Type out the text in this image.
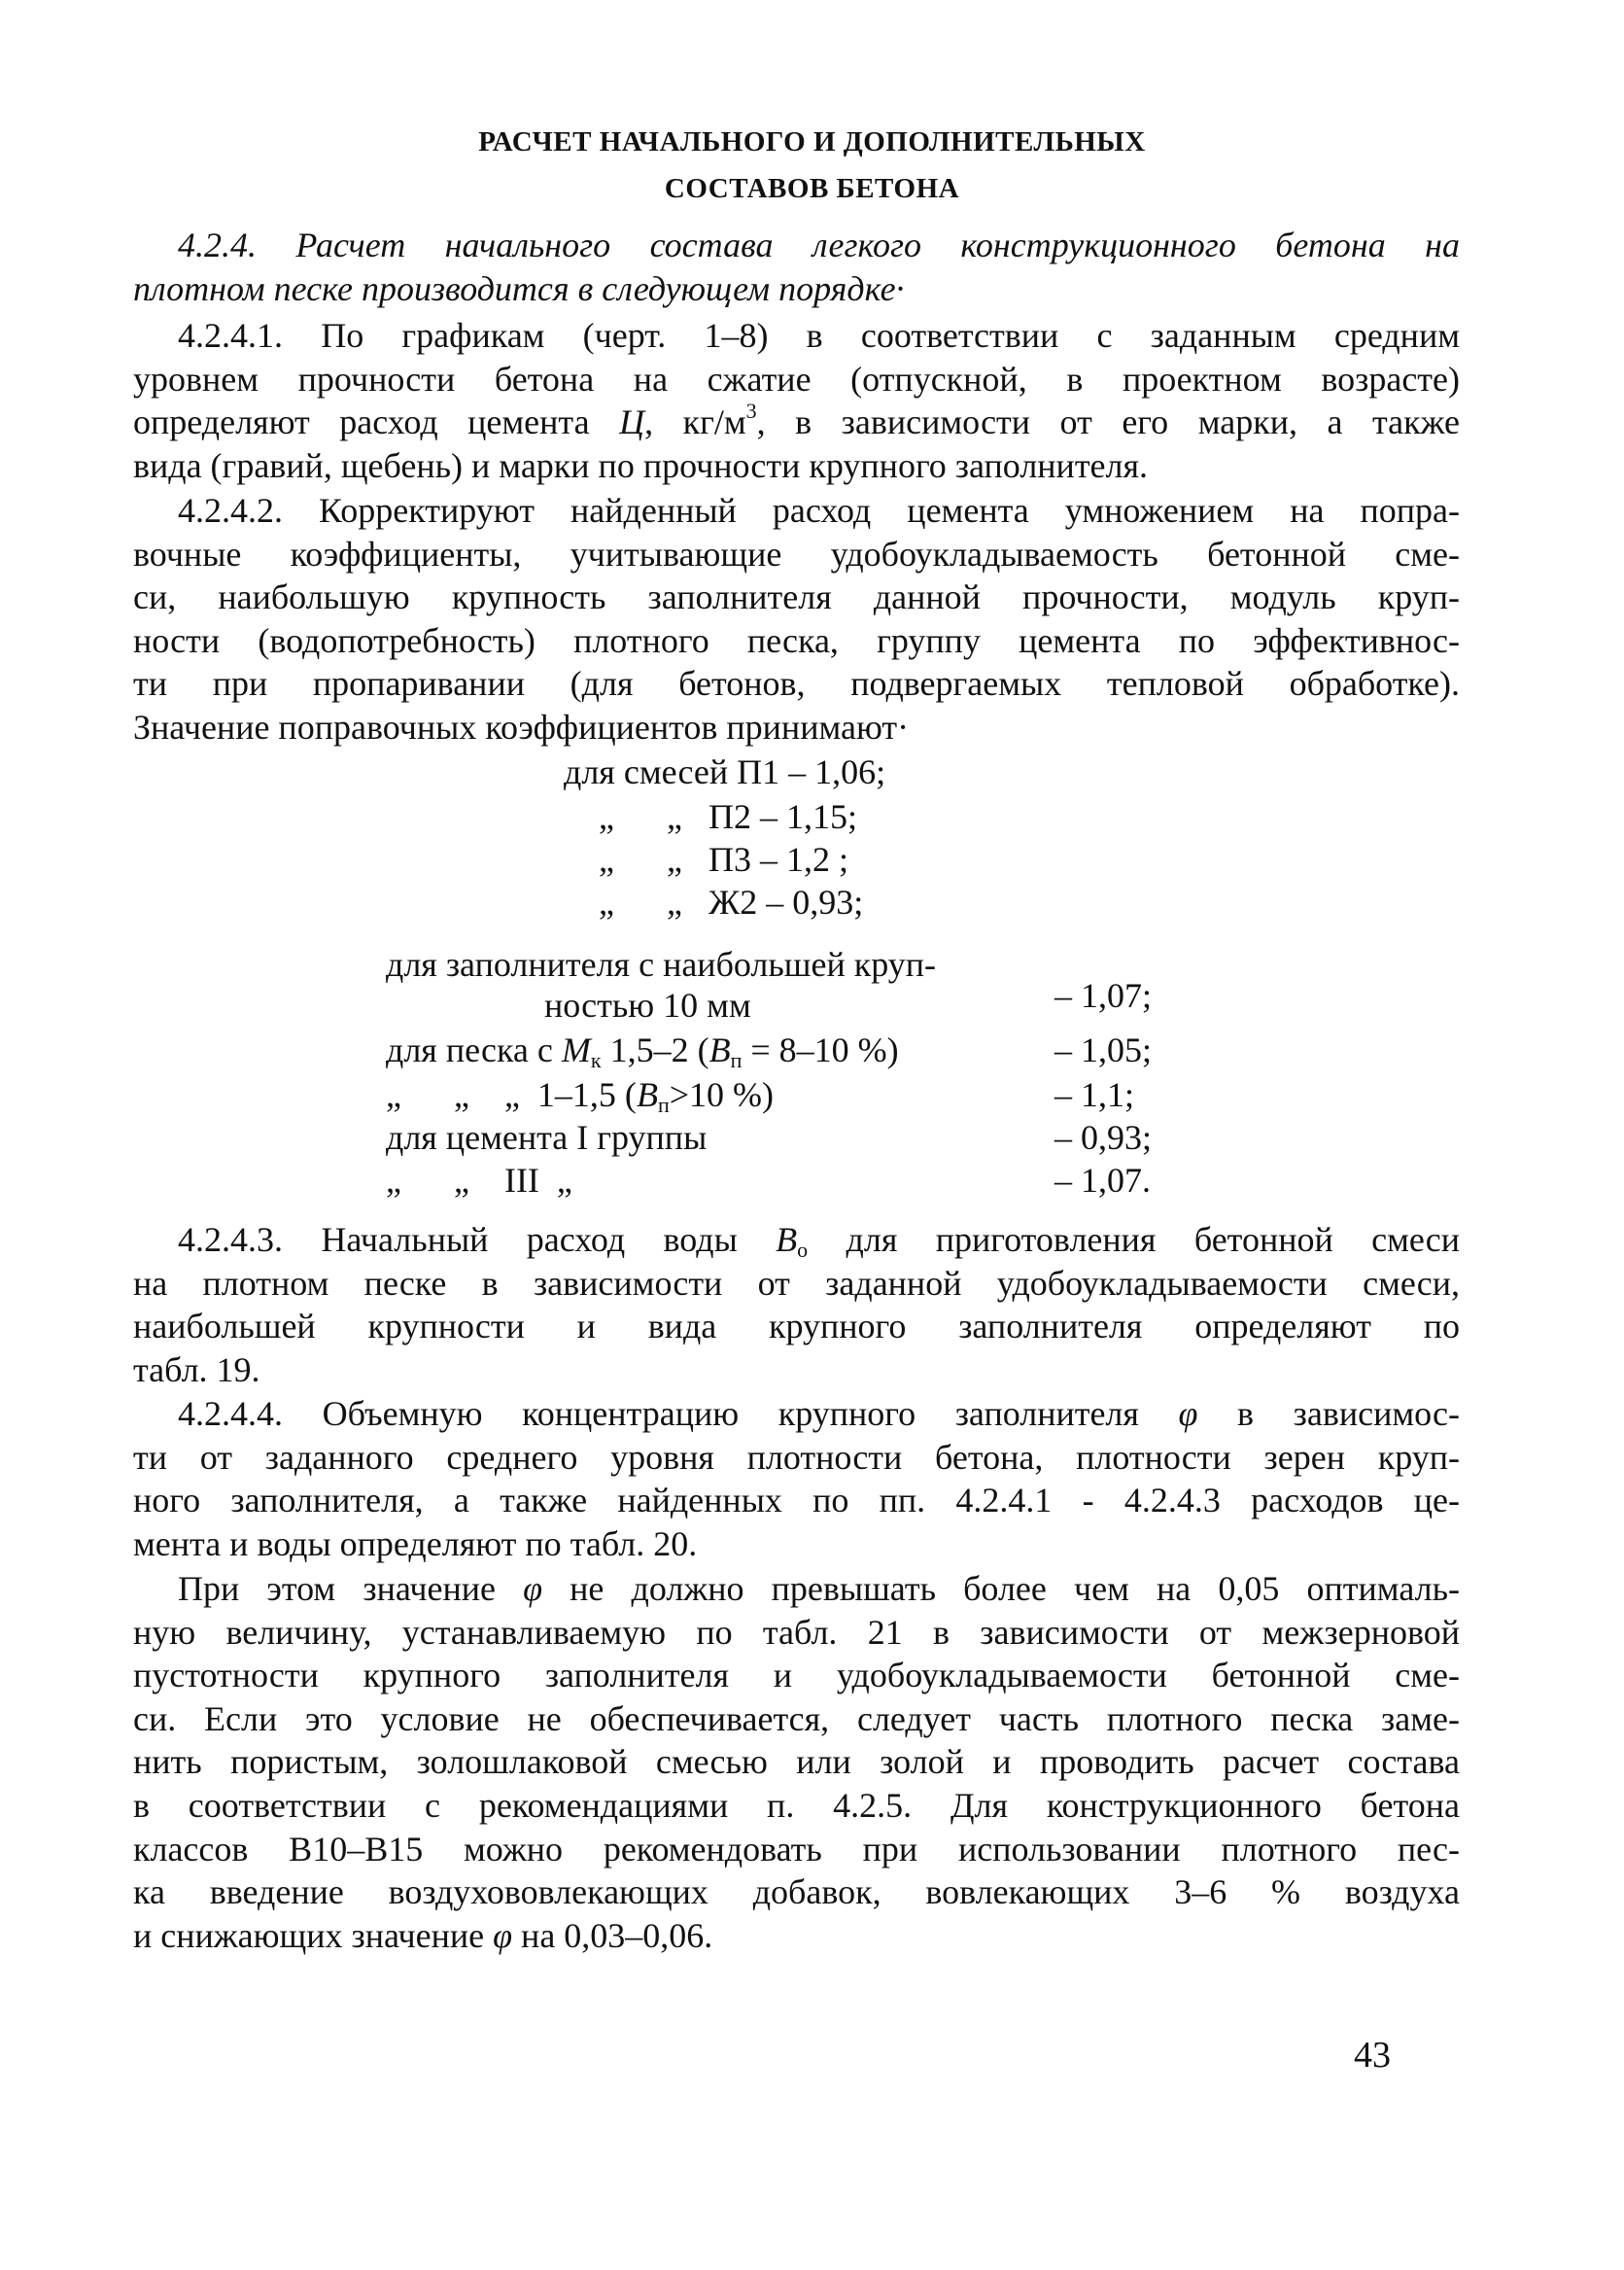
РАСЧЕТ НАЧАЛЬНОГО И ДОПОЛНИТЕЛЬНЫХ
СОСТАВОВ БЕТОНА
4.2.4. Расчет начального состава легкого конструкционного бетона на
плотном песке производится в следующем порядке·
4.2.4.1. По графикам (черт. 1–8) в соответствии с заданным средним
уровнем прочности бетона на сжатие (отпускной, в проектном возрасте)
определяют расход цемента Ц, $кг/м^3$, в зависимости от его марки, а также
вида (гравий, щебень) и марки по прочности крупного заполнителя.
4.2.4.2. Корректируют найденный расход цемента умножением на попра-
вочные коэффициенты, учитывающие удобоукладываемость бетонной сме-
си, наибольшую крупность заполнителя данной прочности, модуль круп-
ности (водопотребность) плотного песка, группу цемента по эффективнос-
ти при пропаривании (для бетонов, подвергаемых тепловой обработке).
Значение поправочных коэффициентов принимают·
для смесей П1 – 1,06;
„      „   П2 – 1,15;
„      „   П3 – 1,2 ;
„      „   Ж2 – 0,93;
для заполнителя с наибольшей круп-
ностью 10 мм	– 1,07;
для песка с $М_к$ 1,5–2 ($В_п = 8-10$ %)	– 1,05;
„      „    „  1–1,5 ($В_п>10$ %)	– 1,1;
для цемента I группы	– 0,93;
„      „    III  „	– 1,07.
4.2.4.3. Начальный расход воды $В_о$ для приготовления бетонной смеси
на плотном песке в зависимости от заданной удобоукладываемости смеси,
наибольшей крупности и вида крупного заполнителя определяют по
табл. 19.
4.2.4.4. Объемную концентрацию крупного заполнителя φ в зависимос-
ти от заданного среднего уровня плотности бетона, плотности зерен круп-
ного заполнителя, а также найденных по пп. 4.2.4.1 - 4.2.4.3 расходов це-
мента и воды определяют по табл. 20.
При этом значение φ не должно превышать более чем на 0,05 оптималь-
ную величину, устанавливаемую по табл. 21 в зависимости от межзерновой
пустотности крупного заполнителя и удобоукладываемости бетонной сме-
си. Если это условие не обеспечивается, следует часть плотного песка заме-
нить пористым, золошлаковой смесью или золой и проводить расчет состава
в соответствии с рекомендациями п. 4.2.5. Для конструкционного бетона
классов В10–В15 можно рекомендовать при использовании плотного пес-
ка введение воздухововлекающих добавок, вовлекающих 3–6 % воздуха
и снижающих значение φ на 0,03–0,06.
43
